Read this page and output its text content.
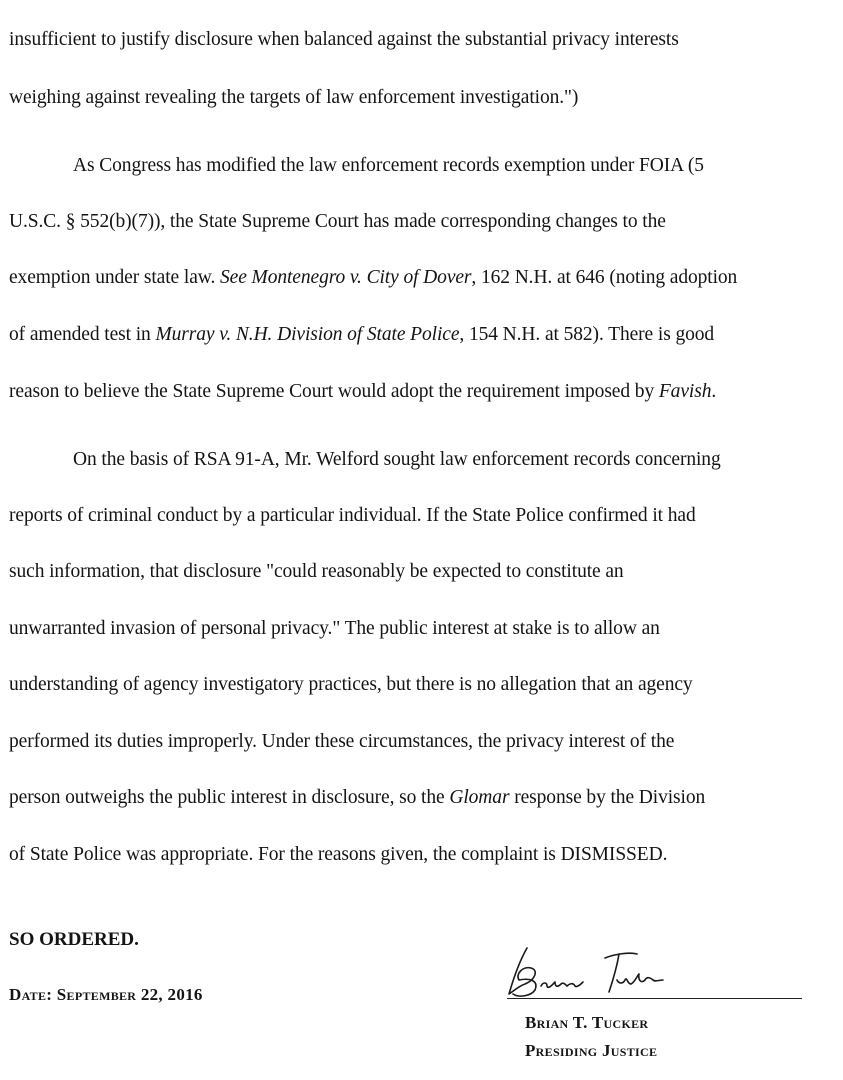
insufficient to justify disclosure when balanced against the substantial privacy interests
weighing against revealing the targets of law enforcement investigation.")
As Congress has modified the law enforcement records exemption under FOIA (5
U.S.C. § 552(b)(7)), the State Supreme Court has made corresponding changes to the
exemption under state law. See Montenegro v. City of Dover, 162 N.H. at 646 (noting adoption
of amended test in Murray v. N.H. Division of State Police, 154 N.H. at 582). There is good
reason to believe the State Supreme Court would adopt the requirement imposed by Favish.
On the basis of RSA 91-A, Mr. Welford sought law enforcement records concerning
reports of criminal conduct by a particular individual. If the State Police confirmed it had
such information, that disclosure "could reasonably be expected to constitute an
unwarranted invasion of personal privacy." The public interest at stake is to allow an
understanding of agency investigatory practices, but there is no allegation that an agency
performed its duties improperly. Under these circumstances, the privacy interest of the
person outweighs the public interest in disclosure, so the Glomar response by the Division
of State Police was appropriate. For the reasons given, the complaint is DISMISSED.
SO ORDERED.
Date: September 22, 2016
Brian T. Tucker
Presiding Justice
